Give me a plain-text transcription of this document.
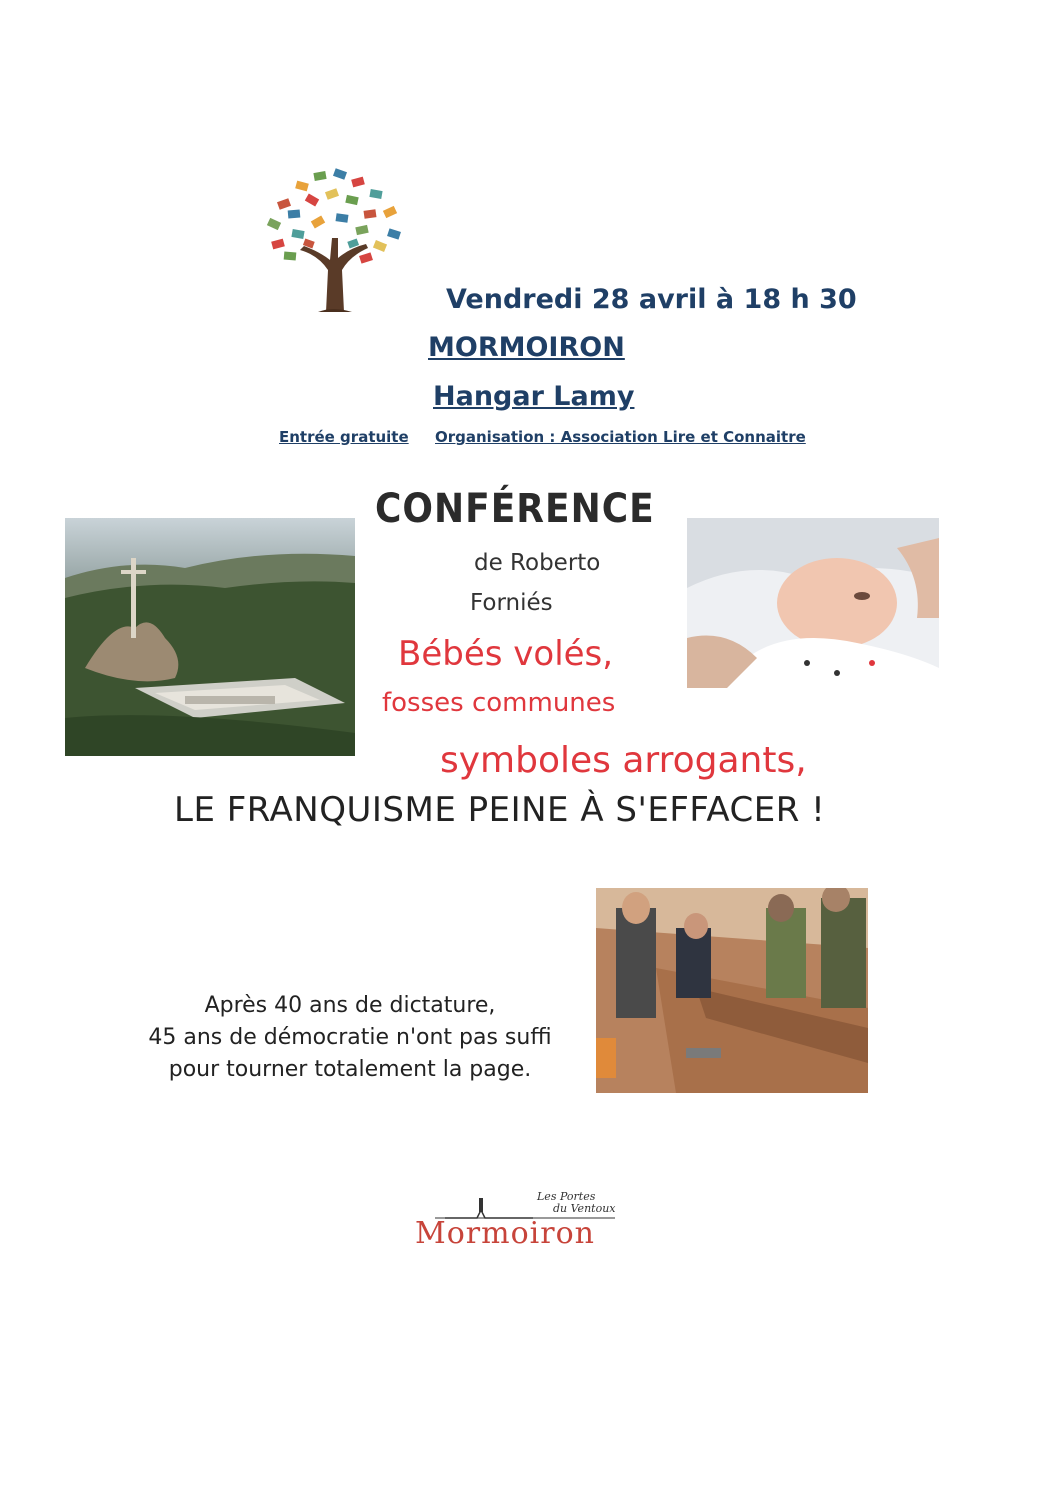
Vendredi 28 avril à 18 h 30
MORMOIRON
Hangar Lamy
Entrée gratuite Organisation : Association Lire et Connaitre
CONFÉRENCE
de Roberto
Forniés
Bébés volés,
fosses communes
symboles arrogants,
LE FRANQUISME PEINE À S'EFFACER !
Après 40 ans de dictature,
45 ans de démocratie n'ont pas suffi
pour tourner totalement la page.
Les Portes
du Ventoux
Mormoiron
